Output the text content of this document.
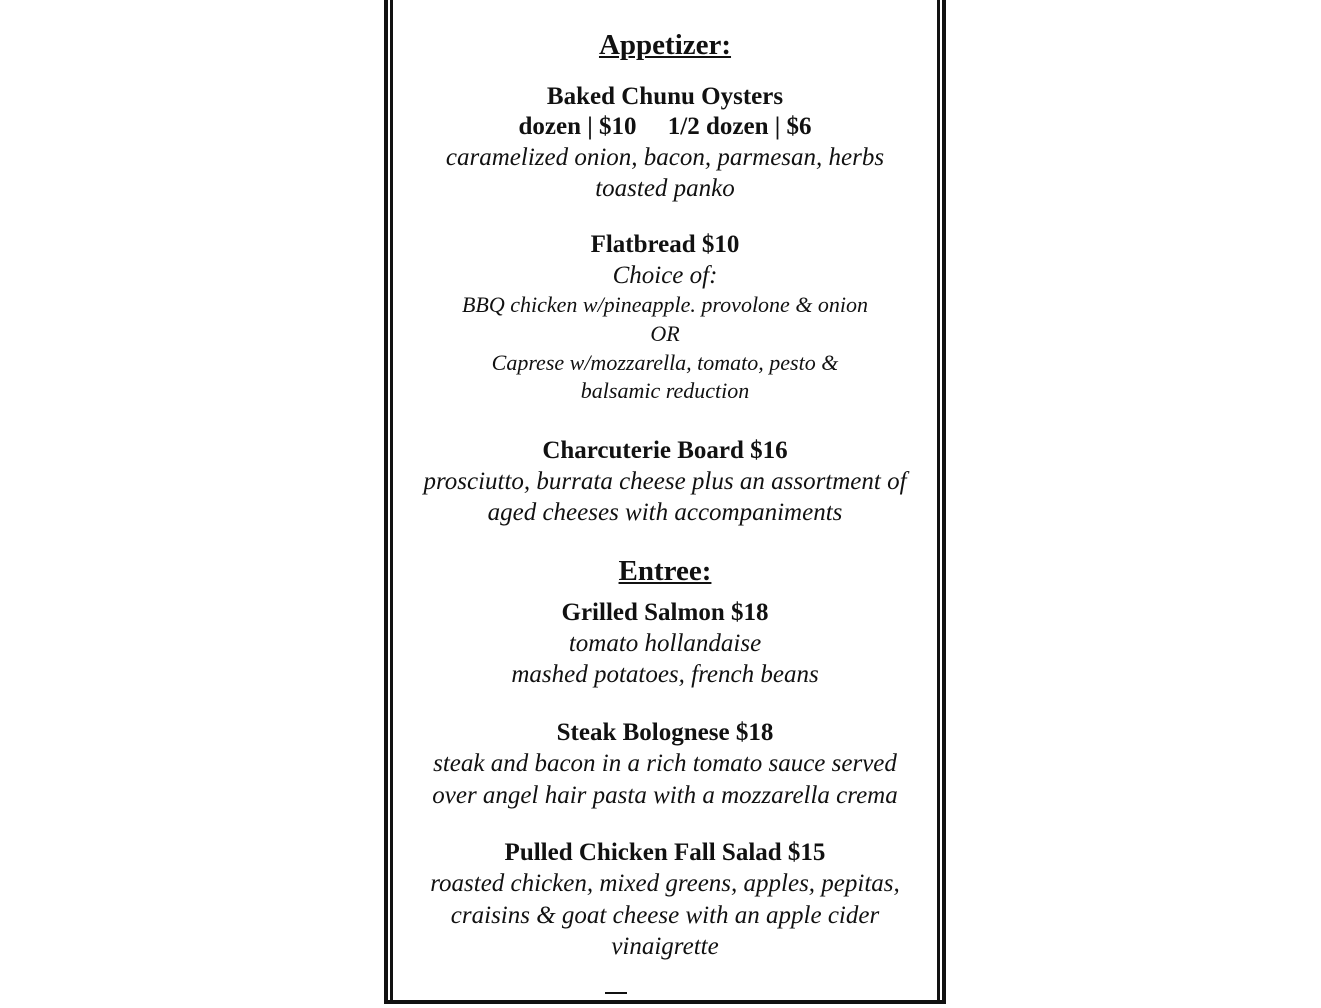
Appetizer:
Baked Chunu Oysters
dozen | $10     1/2 dozen | $6
caramelized onion, bacon, parmesan, herbs
toasted panko
Flatbread $10
Choice of:
BBQ chicken w/pineapple. provolone & onion
OR
Caprese w/mozzarella, tomato, pesto &
balsamic reduction
Charcuterie Board $16
prosciutto, burrata cheese plus an assortment of
aged cheeses with accompaniments
Entree:
Grilled Salmon $18
tomato hollandaise
mashed potatoes, french beans
Steak Bolognese $18
steak and bacon in a rich tomato sauce served
over angel hair pasta with a mozzarella crema
Pulled Chicken Fall Salad $15
roasted chicken, mixed greens, apples, pepitas,
craisins & goat cheese with an apple cider
vinaigrette
